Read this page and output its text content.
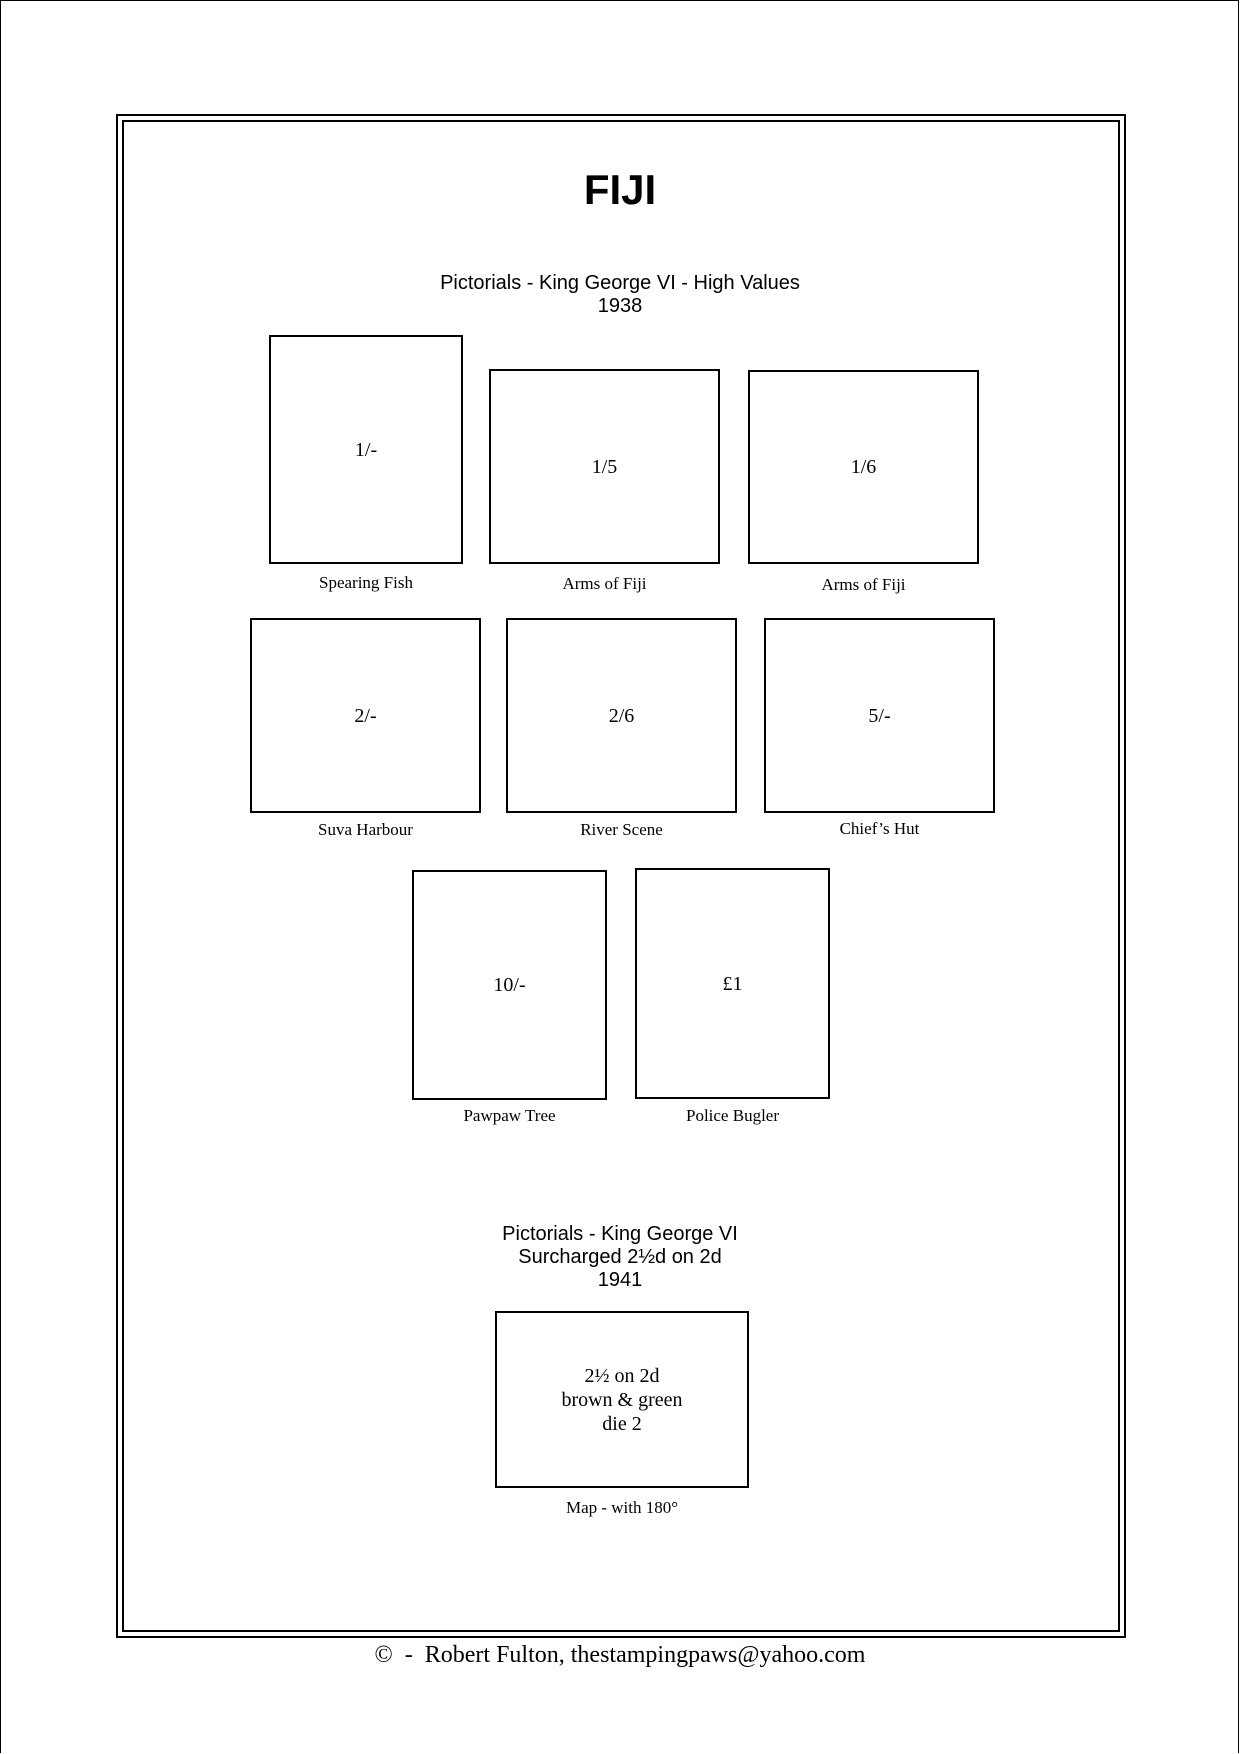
FIJI
Pictorials - King George VI - High Values
1938
1/-
Spearing Fish
1/5
Arms of Fiji
1/6
Arms of Fiji
2/-
Suva Harbour
2/6
River Scene
5/-
Chief’s Hut
10/-
Pawpaw Tree
£1
Police Bugler
Pictorials - King George VI
Surcharged 2½d on 2d
1941
2½ on 2d
brown & green
die 2
Map - with 180°
©  -  Robert Fulton, thestampingpaws@yahoo.com
